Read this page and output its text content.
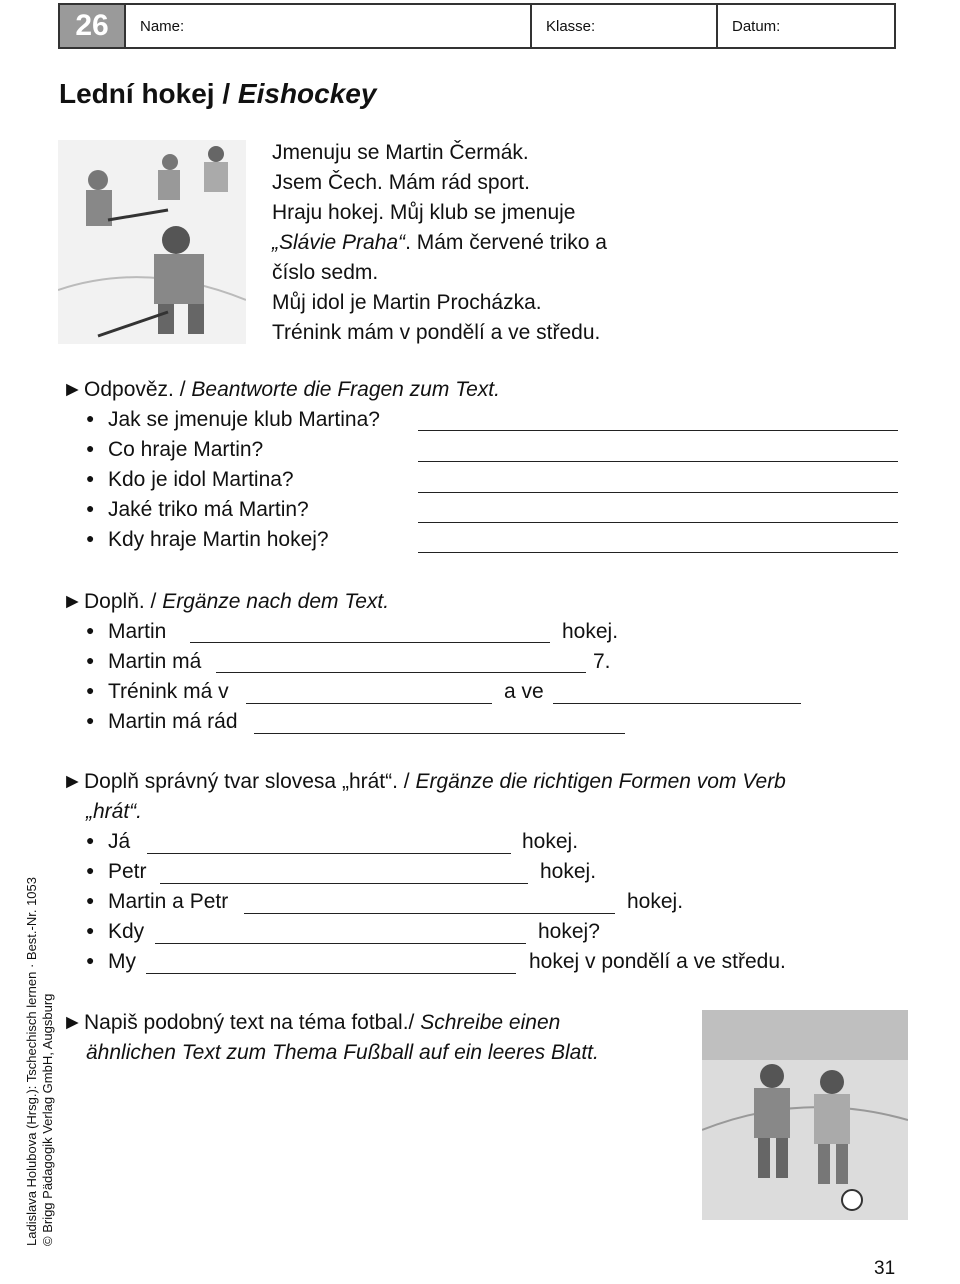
26	Name:	Klasse:	Datum:
Lední hokej / Eishockey
Jmenuju se Martin Čermák.
Jsem Čech. Mám rád sport.
Hraju hokej. Můj klub se jmenuje
„Slávie Praha“. Mám červené triko a
číslo sedm.
Můj idol je Martin Procházka.
Trénink mám v pondělí a ve středu.
►Odpověz. / Beantworte die Fragen zum Text.
● Jak se jmenuje klub Martina?
● Co hraje Martin?
● Kdo je idol Martina?
● Jaké triko má Martin?
● Kdy hraje Martin hokej?
►Doplň. / Ergänze nach dem Text.
● Martin	hokej.
● Martin má	7.
● Trénink má v	a ve
● Martin má rád
►Doplň správný tvar slovesa „hrát“. / Ergänze die richtigen Formen vom Verb
„hrát“.
● Já	hokej.
● Petr	hokej.
● Martin a Petr	hokej.
● Kdy	hokej?
● My	hokej v pondělí a ve středu.
►Napiš podobný text na téma fotbal./ Schreibe einen
ähnlichen Text zum Thema Fußball auf ein leeres Blatt.
Ladislava Holubova (Hrsg.): Tschechisch lernen · Best.-Nr. 1053 © Brigg Pädagogik Verlag GmbH, Augsburg
31
